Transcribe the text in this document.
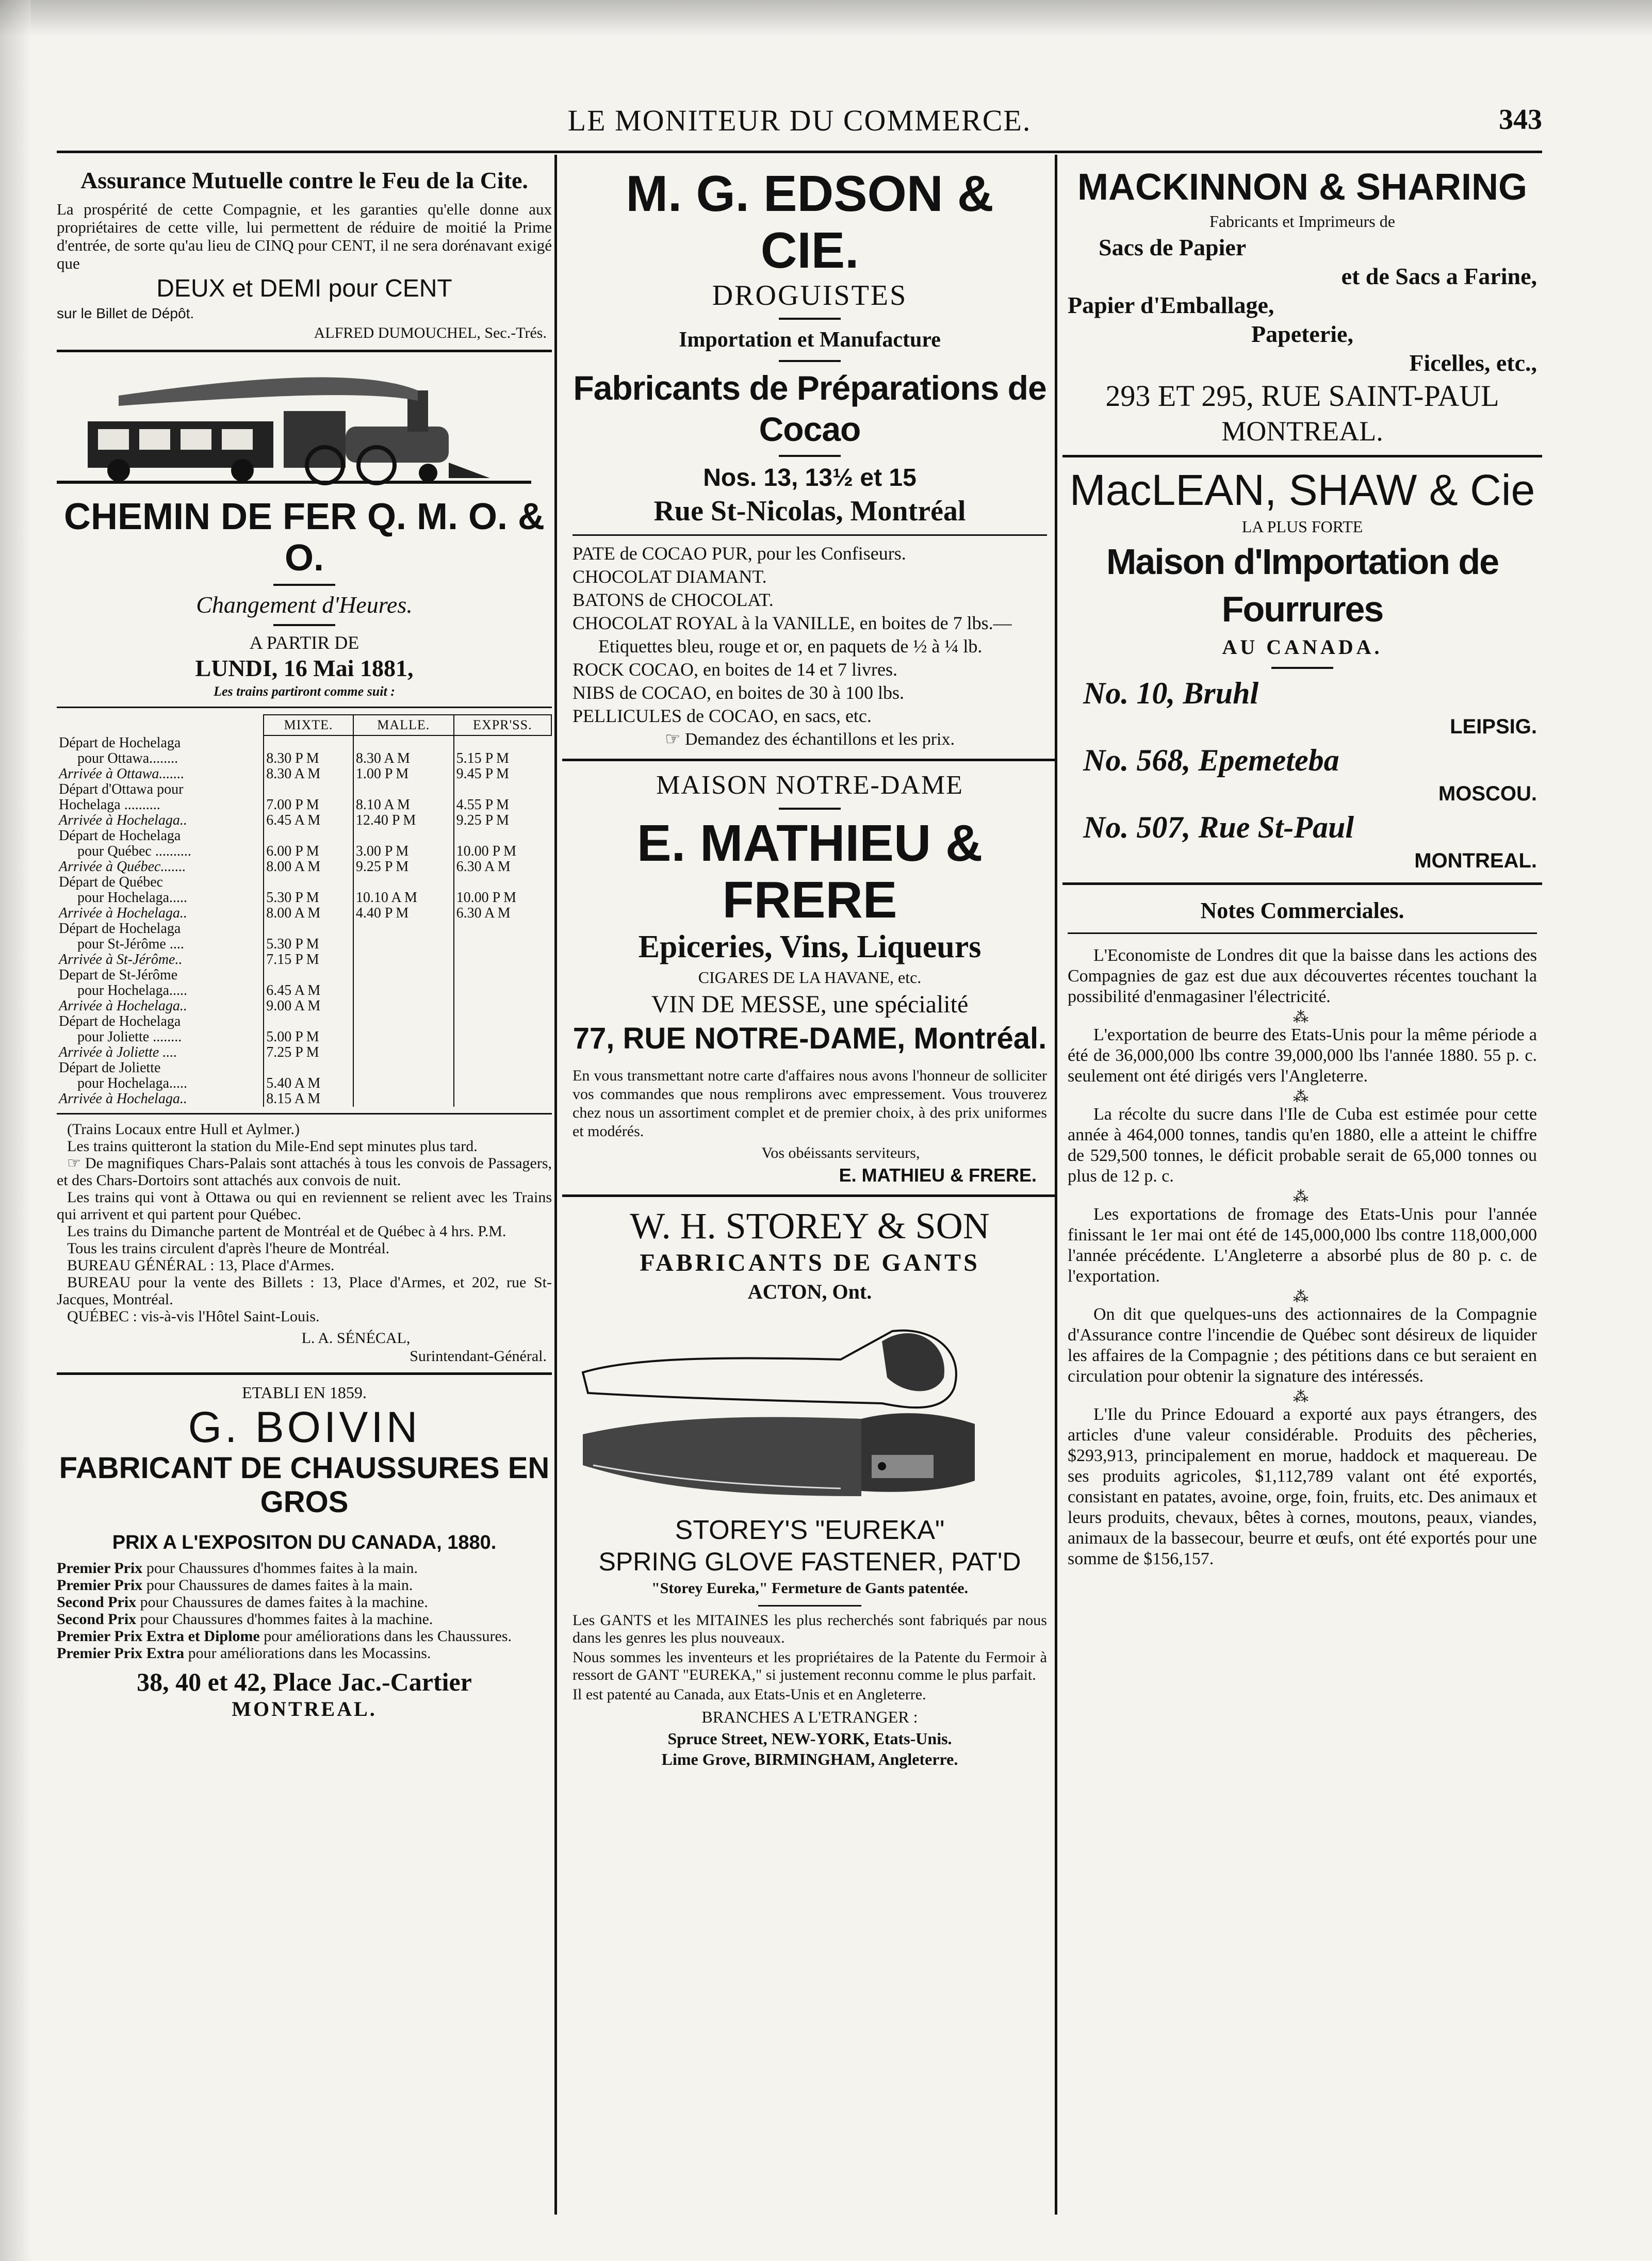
LE MONITEUR DU COMMERCE.	343
Assurance Mutuelle contre le Feu de la Cite.
La prospérité de cette Compagnie, et les garanties qu'elle donne aux propriétaires de cette ville, lui permettent de réduire de moitié la Prime d'entrée, de sorte qu'au lieu de CINQ pour CENT, il ne sera dorénavant exigé que
DEUX et DEMI pour CENT
sur le Billet de Dépôt.
ALFRED DUMOUCHEL, Sec.-Trés.
CHEMIN DE FER Q. M. O. & O.
Changement d'Heures.
A PARTIR DE
LUNDI, 16 Mai 1881,
Les trains partiront comme suit :
	MIXTE.	MALLE.	EXPR'SS.
Départ de Hochelaga			
pour Ottawa........	8.30 P M	8.30 A M	5.15 P M
Arrivée à Ottawa.......	8.30 A M	1.00 P M	9.45 P M
Départ d'Ottawa pour			
Hochelaga ..........	7.00 P M	8.10 A M	4.55 P M
Arrivée à Hochelaga..	6.45 A M	12.40 P M	9.25 P M
Départ de Hochelaga			
pour Québec ..........	6.00 P M	3.00 P M	10.00 P M
Arrivée à Québec.......	8.00 A M	9.25 P M	6.30 A M
Départ de Québec			
pour Hochelaga.....	5.30 P M	10.10 A M	10.00 P M
Arrivée à Hochelaga..	8.00 A M	4.40 P M	6.30 A M
Départ de Hochelaga			
pour St-Jérôme ....	5.30 P M		
Arrivée à St-Jérôme..	7.15 P M		
Depart de St-Jérôme			
pour Hochelaga.....	6.45 A M		
Arrivée à Hochelaga..	9.00 A M		
Départ de Hochelaga			
pour Joliette ........	5.00 P M		
Arrivée à Joliette ....	7.25 P M		
Départ de Joliette			
pour Hochelaga.....	5.40 A M		
Arrivée à Hochelaga..	8.15 A M		
(Trains Locaux entre Hull et Aylmer.)
Les trains quitteront la station du Mile-End sept minutes plus tard.
☞ De magnifiques Chars-Palais sont attachés à tous les convois de Passagers, et des Chars-Dortoirs sont attachés aux convois de nuit.
Les trains qui vont à Ottawa ou qui en reviennent se relient avec les Trains qui arrivent et qui partent pour Québec.
Les trains du Dimanche partent de Montréal et de Québec à 4 hrs. P.M.
Tous les trains circulent d'après l'heure de Montréal.
BUREAU GÉNÉRAL : 13, Place d'Armes.
BUREAU pour la vente des Billets : 13, Place d'Armes, et 202, rue St-Jacques, Montréal.
QUÉBEC : vis-à-vis l'Hôtel Saint-Louis.
L. A. SÉNÉCAL,
Surintendant-Général.
ETABLI EN 1859.
G. BOIVIN
FABRICANT DE CHAUSSURES EN GROS
PRIX A L'EXPOSITON DU CANADA, 1880.
Premier Prix pour Chaussures d'hommes faites à la main.
Premier Prix pour Chaussures de dames faites à la main.
Second Prix pour Chaussures de dames faites à la machine.
Second Prix pour Chaussures d'hommes faites à la machine.
Premier Prix Extra et Diplome pour améliorations dans les Chaussures.
Premier Prix Extra pour améliorations dans les Mocassins.
38, 40 et 42, Place Jac.-Cartier
MONTREAL.
M. G. EDSON & CIE.
DROGUISTES
Importation et Manufacture
Fabricants de Préparations de Cocao
Nos. 13, 13½ et 15
Rue St-Nicolas, Montréal
PATE de COCAO PUR, pour les Confiseurs.
CHOCOLAT DIAMANT.
BATONS de CHOCOLAT.
CHOCOLAT ROYAL à la VANILLE, en boites de 7 lbs.—Etiquettes bleu, rouge et or, en paquets de ½ à ¼ lb.
ROCK COCAO, en boites de 14 et 7 livres.
NIBS de COCAO, en boites de 30 à 100 lbs.
PELLICULES de COCAO, en sacs, etc.
☞ Demandez des échantillons et les prix.
MAISON NOTRE-DAME
E. MATHIEU & FRERE
Epiceries, Vins, Liqueurs
CIGARES DE LA HAVANE, etc.
VIN DE MESSE, une spécialité
77, RUE NOTRE-DAME, Montréal.
En vous transmettant notre carte d'affaires nous avons l'honneur de solliciter vos commandes que nous remplirons avec empressement. Vous trouverez chez nous un assortiment complet et de premier choix, à des prix uniformes et modérés.
Vos obéissants serviteurs,
E. MATHIEU & FRERE.
W. H. STOREY & SON
FABRICANTS DE GANTS
ACTON, Ont.
STOREY'S "EUREKA"
SPRING GLOVE FASTENER, PAT'D
"Storey Eureka," Fermeture de Gants patentée.
Les GANTS et les MITAINES les plus recherchés sont fabriqués par nous dans les genres les plus nouveaux.
Nous sommes les inventeurs et les propriétaires de la Patente du Fermoir à ressort de GANT "EUREKA," si justement reconnu comme le plus parfait.
Il est patenté au Canada, aux Etats-Unis et en Angleterre.
BRANCHES A L'ETRANGER :
Spruce Street, NEW-YORK, Etats-Unis.
Lime Grove, BIRMINGHAM, Angleterre.
MACKINNON & SHARING
Fabricants et Imprimeurs de
Sacs de Papier
et de Sacs a Farine,
Papier d'Emballage,
Papeterie,
Ficelles, etc.,
293 ET 295, RUE SAINT-PAUL
MONTREAL.
MacLEAN, SHAW & Cie
LA PLUS FORTE
Maison d'Importation de Fourrures
AU CANADA.
No. 10, Bruhl
LEIPSIG.
No. 568, Epemeteba
MOSCOU.
No. 507, Rue St-Paul
MONTREAL.
Notes Commerciales.
L'Economiste de Londres dit que la baisse dans les actions des Compagnies de gaz est due aux découvertes récentes touchant la possibilité d'enmagasiner l'électricité.
⁂
L'exportation de beurre des Etats-Unis pour la même période a été de 36,000,000 lbs contre 39,000,000 lbs l'année 1880. 55 p. c. seulement ont été dirigés vers l'Angleterre.
⁂
La récolte du sucre dans l'Ile de Cuba est estimée pour cette année à 464,000 tonnes, tandis qu'en 1880, elle a atteint le chiffre de 529,500 tonnes, le déficit probable serait de 65,000 tonnes ou plus de 12 p. c.
⁂
Les exportations de fromage des Etats-Unis pour l'année finissant le 1er mai ont été de 145,000,000 lbs contre 118,000,000 l'année précédente. L'Angleterre a absorbé plus de 80 p. c. de l'exportation.
⁂
On dit que quelques-uns des actionnaires de la Compagnie d'Assurance contre l'incendie de Québec sont désireux de liquider les affaires de la Compagnie ; des pétitions dans ce but seraient en circulation pour obtenir la signature des intéressés.
⁂
L'Ile du Prince Edouard a exporté aux pays étrangers, des articles d'une valeur considérable. Produits des pêcheries, $293,913, principalement en morue, haddock et maquereau. De ses produits agricoles, $1,112,789 valant ont été exportés, consistant en patates, avoine, orge, foin, fruits, etc. Des animaux et leurs produits, chevaux, bêtes à cornes, moutons, peaux, viandes, animaux de la bassecour, beurre et œufs, ont été exportés pour une somme de $156,157.
